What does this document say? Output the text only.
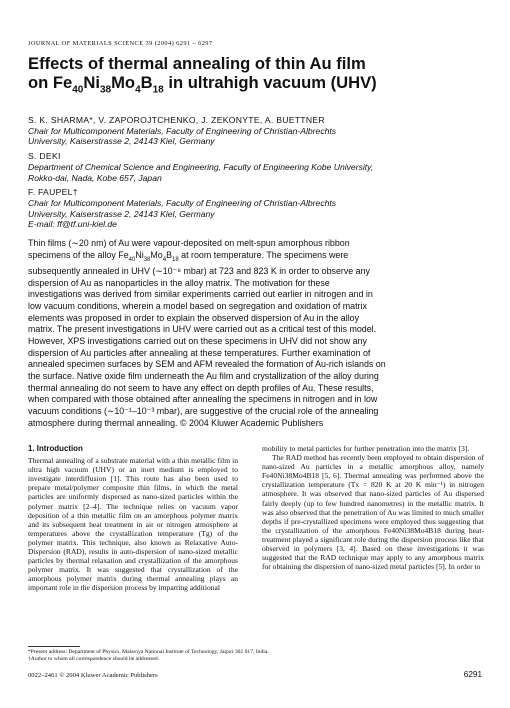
JOURNAL OF MATERIALS SCIENCE 39 (2004) 6291 – 6297
Effects of thermal annealing of thin Au film
on $Fe_{40}Ni_{38}Mo_4B_{18}$ in ultrahigh vacuum (UHV)
S. K. SHARMA*, V. ZAPOROJTCHENKO, J. ZEKONYTE, A. BUETTNER
Chair for Multicomponent Materials, Faculty of Engineering of Christian-Albrechts
University, Kaiserstrasse 2, 24143 Kiel, Germany
S. DEKI
Department of Chemical Science and Engineering, Faculty of Engineering Kobe University,
Rokko-dai, Nada, Kobe 657, Japan
F. FAUPEL†
Chair for Multicomponent Materials, Faculty of Engineering of Christian-Albrechts
University, Kaiserstrasse 2, 24143 Kiel, Germany
E-mail: ff@tf.uni-kiel.de
Thin films (∼20 nm) of Au were vapour-deposited on melt-spun amorphous ribbon
specimens of the alloy $Fe_{40}Ni_{38}Mo_4B_{18}$ at room temperature. The specimens were
subsequently annealed in UHV (∼10⁻⁸ mbar) at 723 and 823 K in order to observe any
dispersion of Au as nanoparticles in the alloy matrix. The motivation for these
investigations was derived from similar experiments carried out earlier in nitrogen and in
low vacuum conditions, wherein a model based on segregation and oxidation of matrix
elements was proposed in order to explain the observed dispersion of Au in the alloy
matrix. The present investigations in UHV were carried out as a critical test of this model.
However, XPS investigations carried out on these specimens in UHV did not show any
dispersion of Au particles after annealing at these temperatures. Further examination of
annealed specimen surfaces by SEM and AFM revealed the formation of Au-rich islands on
the surface. Native oxide film underneath the Au film and crystallization of the alloy during
thermal annealing do not seem to have any effect on depth profiles of Au. These results,
when compared with those obtained after annealing the specimens in nitrogen and in low
vacuum conditions (∼10⁻¹–10⁻³ mbar), are suggestive of the crucial role of the annealing
atmosphere during thermal annealing. © 2004 Kluwer Academic Publishers
1. Introduction

Thermal annealing of a substrate material with a thin metallic film in ultra high vacuum (UHV) or an inert medium is employed to investigate interdiffusion [1]. This route has also been used to prepare metal/polymer composite thin films, in which the metal particles are uniformly dispersed as nano-sized particles within the polymer matrix [2–4]. The technique relies on vacuum vapor deposition of a thin metallic film on an amorphous polymer matrix and its subsequent heat treatment in air or nitrogen atmosphere at temperatures above the crystallization temperature (Tg) of the polymer matrix. This technique, also known as Relaxative Auto-Dispersion (RAD), results in auto-dispersion of nano-sized metallic particles by thermal relaxation and crystallization of the amorphous polymer matrix. It was suggested that crystallization of the amorphous polymer matrix during thermal annealing plays an important role in the dispersion process by imparting additional

mobility to metal particles for further penetration into the matrix [3].

The RAD method has recently been employed to obtain dispersion of nano-sized Au particles in a metallic amorphous alloy, namely Fe40Ni38Mo4B18 [5, 6]. Thermal annealing was performed above the crystallization temperature (Tx = 820 K at 20 K min⁻¹) in nitrogen atmosphere. It was observed that nano-sized particles of Au dispersed fairly deeply (up to few hundred nanometres) in the metallic matrix. It was also observed that the penetration of Au was limited to much smaller depths if pre-crystallized specimens were employed thus suggesting that the crystallization of the amorphous Fe40Ni38Mo4B18 during heat-treatment played a significant role during the dispersion process like that observed in polymers [3, 4]. Based on these investigations it was suggested that the RAD technique may apply to any amorphous matrix for obtaining the dispersion of nano-sized metal particles [5]. In order to

*Present address: Department of Physics, Malaviya National Institute of Technology, Jaipur 302 017, India.
†Author to whom all correspondence should be addressed.
0022–2461 © 2004 Kluwer Academic Publishers	6291
